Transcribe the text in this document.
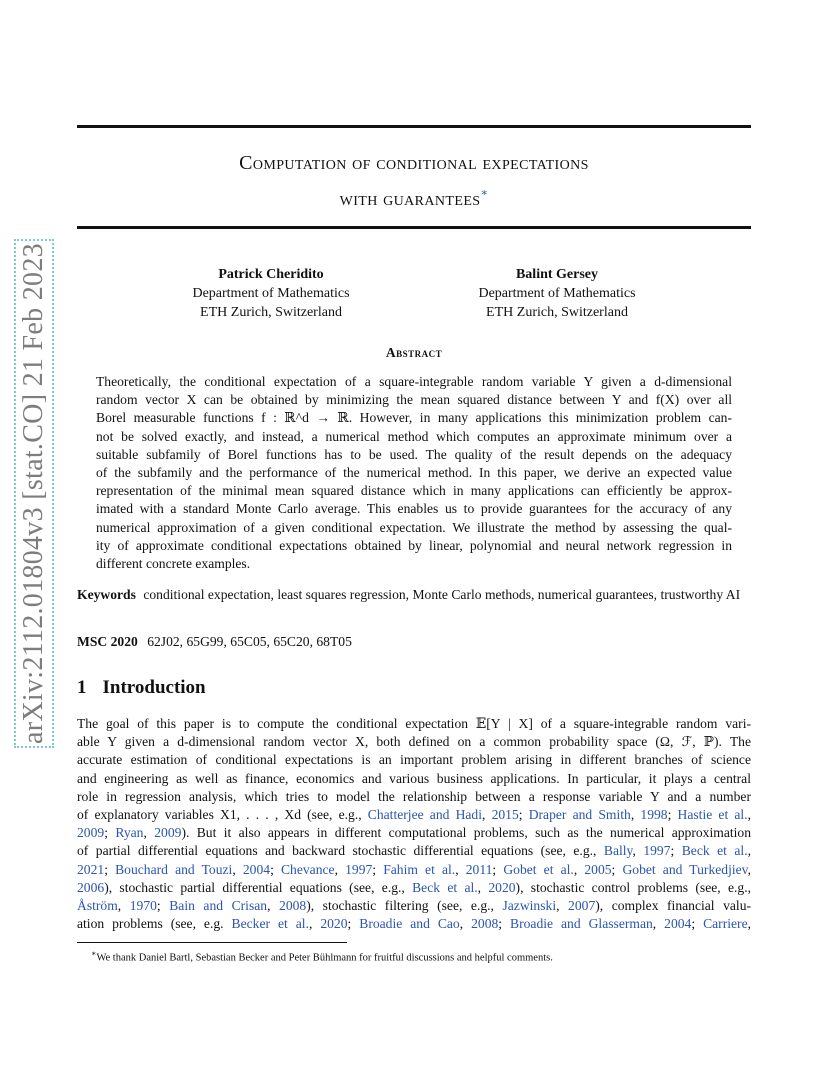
arXiv:2112.01804v3 [stat.CO] 21 Feb 2023
Computation of conditional expectations
with guarantees∗
Patrick Cheridito
Department of Mathematics
ETH Zurich, Switzerland
Balint Gersey
Department of Mathematics
ETH Zurich, Switzerland
Abstract
Theoretically, the conditional expectation of a square-integrable random variable Y given a d-dimensional
random vector X can be obtained by minimizing the mean squared distance between Y and f(X) over all
Borel measurable functions f : ℝ^d → ℝ. However, in many applications this minimization problem can-
not be solved exactly, and instead, a numerical method which computes an approximate minimum over a
suitable subfamily of Borel functions has to be used. The quality of the result depends on the adequacy
of the subfamily and the performance of the numerical method. In this paper, we derive an expected value
representation of the minimal mean squared distance which in many applications can efficiently be approx-
imated with a standard Monte Carlo average. This enables us to provide guarantees for the accuracy of any
numerical approximation of a given conditional expectation. We illustrate the method by assessing the qual-
ity of approximate conditional expectations obtained by linear, polynomial and neural network regression in
different concrete examples.
Keywords conditional expectation, least squares regression, Monte Carlo methods, numerical guarantees, trustworthy AI
MSC 2020 62J02, 65G99, 65C05, 65C20, 68T05
1 Introduction
The goal of this paper is to compute the conditional expectation 𝔼[Y | X] of a square-integrable random vari-
able Y given a d-dimensional random vector X, both defined on a common probability space (Ω, ℱ, ℙ). The
accurate estimation of conditional expectations is an important problem arising in different branches of science
and engineering as well as finance, economics and various business applications. In particular, it plays a central
role in regression analysis, which tries to model the relationship between a response variable Y and a number
of explanatory variables X1, . . . , Xd (see, e.g., Chatterjee and Hadi, 2015; Draper and Smith, 1998; Hastie et al.,
2009; Ryan, 2009). But it also appears in different computational problems, such as the numerical approximation
of partial differential equations and backward stochastic differential equations (see, e.g., Bally, 1997; Beck et al.,
2021; Bouchard and Touzi, 2004; Chevance, 1997; Fahim et al., 2011; Gobet et al., 2005; Gobet and Turkedjiev,
2006), stochastic partial differential equations (see, e.g., Beck et al., 2020), stochastic control problems (see, e.g.,
Åström, 1970; Bain and Crisan, 2008), stochastic filtering (see, e.g., Jazwinski, 2007), complex financial valu-
ation problems (see, e.g. Becker et al., 2020; Broadie and Cao, 2008; Broadie and Glasserman, 2004; Carriere,
∗We thank Daniel Bartl, Sebastian Becker and Peter Bühlmann for fruitful discussions and helpful comments.
